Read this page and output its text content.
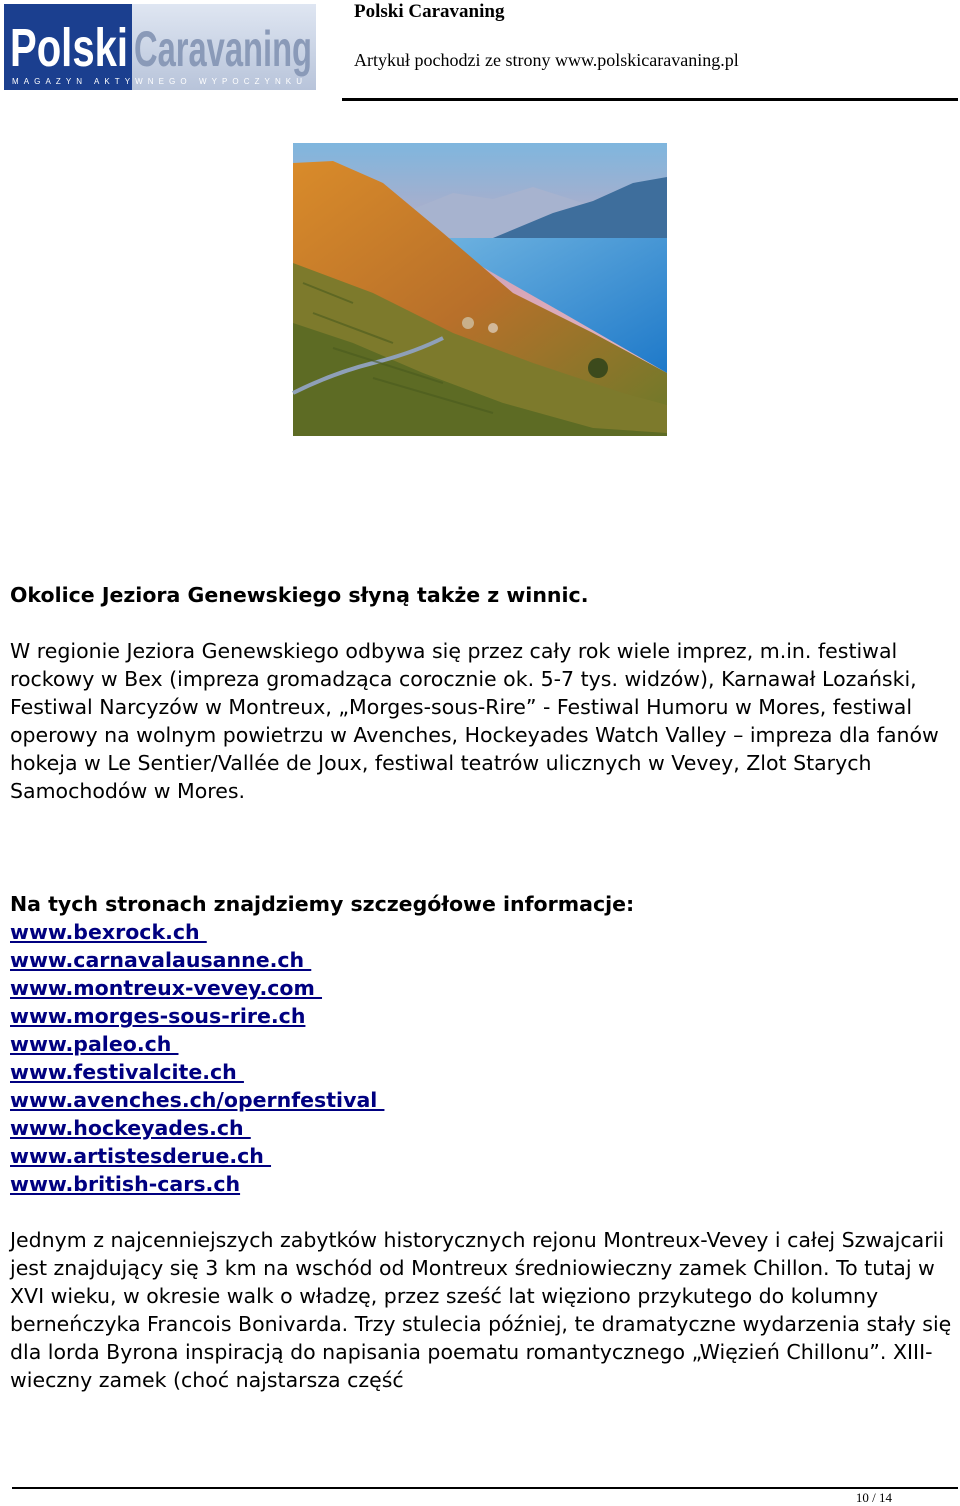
Polski Caravaning
MAGAZYN AKTYWNEGO WYPOCZYNKU
Polski Caravaning
Artykuł pochodzi ze strony www.polskicaravaning.pl

Okolice Jeziora Genewskiego słyną także z winnic.

W regionie Jeziora Genewskiego odbywa się przez cały rok wiele imprez, m.in. festiwal rockowy w Bex (impreza gromadząca corocznie ok. 5-7 tys. widzów), Karnawał Lozański, Festiwal Narcyzów w Montreux, „Morges-sous-Rire” - Festiwal Humoru w Mores, festiwal operowy na wolnym powietrzu w Avenches, Hockeyades Watch Valley – impreza dla fanów hokeja w Le Sentier/Vallée de Joux, festiwal teatrów ulicznych w Vevey, Zlot Starych Samochodów w Mores.

Na tych stronach znajdziemy szczegółowe informacje:

www.bexrock.ch
www.carnavalausanne.ch
www.montreux-vevey.com
www.morges-sous-rire.ch
www.paleo.ch
www.festivalcite.ch
www.avenches.ch/opernfestival
www.hockeyades.ch
www.artistesderue.ch
www.british-cars.ch

Jednym z najcenniejszych zabytków historycznych rejonu Montreux-Vevey i całej Szwajcarii jest znajdujący się 3 km na wschód od Montreux średniowieczny zamek Chillon. To tutaj w XVI wieku, w okresie walk o władzę, przez sześć lat więziono przykutego do kolumny berneńczyka Francois Bonivarda. Trzy stulecia później, te dramatyczne wydarzenia stały się dla lorda Byrona inspiracją do napisania poematu romantycznego „Więzień Chillonu”. XIII-wieczny zamek (choć najstarsza część

10 / 14
